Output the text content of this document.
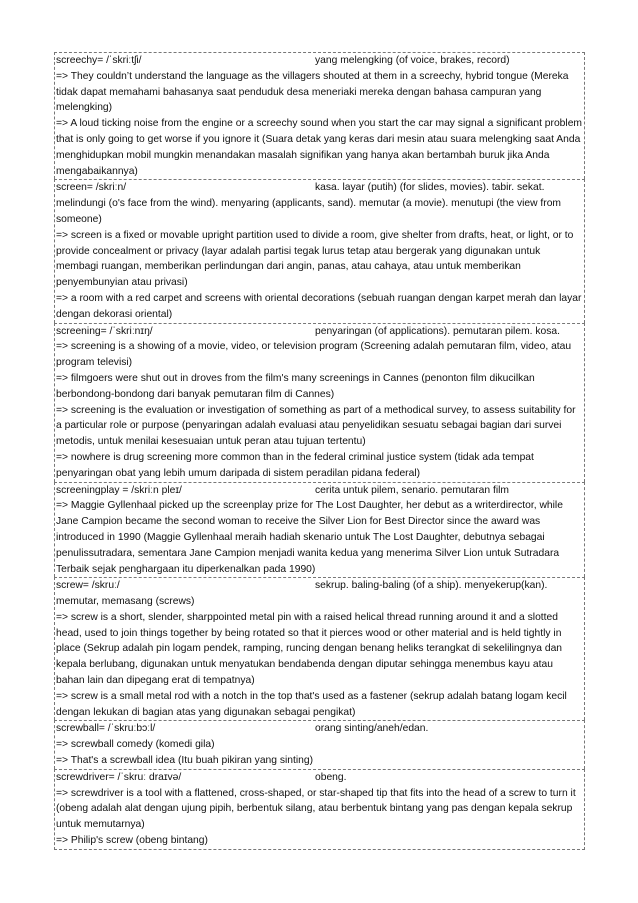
screechy= /ˈskriːtʃi/	yang melengking (of voice, brakes, record)
=> They couldn’t understand the language as the villagers shouted at them in a screechy, hybrid tongue (Mereka tidak dapat memahami bahasanya saat penduduk desa meneriaki mereka dengan bahasa campuran yang melengking)
=> A loud ticking noise from the engine or a screechy sound when you start the car may signal a significant problem that is only going to get worse if you ignore it (Suara detak yang keras dari mesin atau suara melengking saat Anda menghidupkan mobil mungkin menandakan masalah signifikan yang hanya akan bertambah buruk jika Anda mengabaikannya)
screen= /skriːn/	kasa. layar (putih) (for slides, movies). tabir. sekat.
melindungi (o's face from the wind). menyaring (applicants, sand). memutar (a movie). menutupi (the view from someone)
=> screen is a fixed or movable upright partition used to divide a room, give shelter from drafts, heat, or light, or to provide concealment or privacy (layar adalah partisi tegak lurus tetap atau bergerak yang digunakan untuk membagi ruangan, memberikan perlindungan dari angin, panas, atau cahaya, atau untuk memberikan penyembunyian atau privasi)
=> a room with a red carpet and screens with oriental decorations (sebuah ruangan dengan karpet merah dan layar dengan dekorasi oriental)
screening= /ˈskriːnɪŋ/	penyaringan (of applications). pemutaran pilem. kosa.
=> screening is a showing of a movie, video, or television program (Screening adalah pemutaran film, video, atau program televisi)
=> filmgoers were shut out in droves from the film's many screenings in Cannes (penonton film dikucilkan berbondong-bondong dari banyak pemutaran film di Cannes)
=> screening is the evaluation or investigation of something as part of a methodical survey, to assess suitability for a particular role or purpose (penyaringan adalah evaluasi atau penyelidikan sesuatu sebagai bagian dari survei metodis, untuk menilai kesesuaian untuk peran atau tujuan tertentu)
=> nowhere is drug screening more common than in the federal criminal justice system (tidak ada tempat penyaringan obat yang lebih umum daripada di sistem peradilan pidana federal)
screeningplay = /skriːn pleɪ/	cerita untuk pilem, senario. pemutaran film
=> Maggie Gyllenhaal picked up the screenplay prize for The Lost Daughter, her debut as a writerdirector, while Jane Campion became the second woman to receive the Silver Lion for Best Director since the award was introduced in 1990 (Maggie Gyllenhaal meraih hadiah skenario untuk The Lost Daughter, debutnya sebagai penulissutradara, sementara Jane Campion menjadi wanita kedua yang menerima Silver Lion untuk Sutradara Terbaik sejak penghargaan itu diperkenalkan pada 1990)
screw= /skruː/	sekrup. baling-baling (of a ship). menyekerup(kan).
memutar, memasang (screws)
=> screw is a short, slender, sharppointed metal pin with a raised helical thread running around it and a slotted head, used to join things together by being rotated so that it pierces wood or other material and is held tightly in place (Sekrup adalah pin logam pendek, ramping, runcing dengan benang heliks terangkat di sekelilingnya dan kepala berlubang, digunakan untuk menyatukan bendabenda dengan diputar sehingga menembus kayu atau bahan lain dan dipegang erat di tempatnya)
=> screw is a small metal rod with a notch in the top that's used as a fastener (sekrup adalah batang logam kecil dengan lekukan di bagian atas yang digunakan sebagai pengikat)
screwball= /ˈskruːbɔːl/	orang sinting/aneh/edan.
=> screwball comedy (komedi gila)
=> That's a screwball idea (Itu buah pikiran yang sinting)
screwdriver= /ˈskruː draɪvə/	obeng.
=> screwdriver is a tool with a flattened, cross-shaped, or star-shaped tip that fits into the head of a screw to turn it (obeng adalah alat dengan ujung pipih, berbentuk silang, atau berbentuk bintang yang pas dengan kepala sekrup untuk memutarnya)
=> Philip's screw (obeng bintang)
